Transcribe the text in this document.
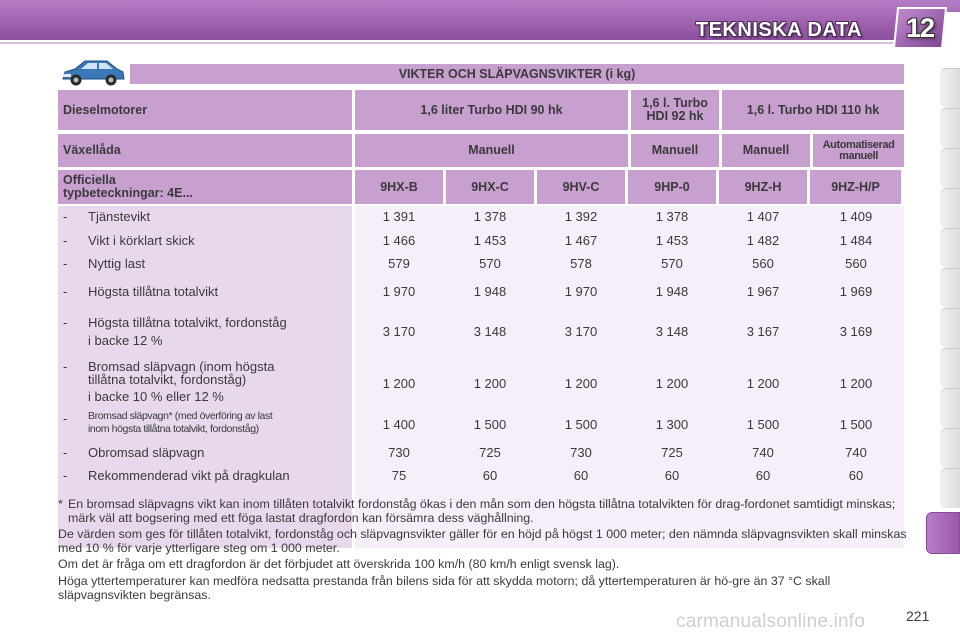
TEKNISKA DATA 12
VIKTER OCH SLÄPVAGNSVIKTER (i kg)
Dieselmotorer	1,6 liter Turbo HDI 90 hk	1,6 l. Turbo HDI 92 hk	1,6 l. Turbo HDI 110 hk
Växellåda	Manuell	Manuell	Manuell	Automatiserad manuell
Officiella typbeteckningar: 4E...	9HX-B	9HX-C	9HV-C	9HP-0	9HZ-H	9HZ-H/P
- Tjänstevikt	1 391	1 378	1 392	1 378	1 407	1 409
- Vikt i körklart skick	1 466	1 453	1 467	1 453	1 482	1 484
- Nyttig last	579	570	578	570	560	560
- Högsta tillåtna totalvikt	1 970	1 948	1 970	1 948	1 967	1 969
- Högsta tillåtna totalvikt, fordonståg
i backe 12 %
3 170	3 148	3 170	3 148	3 167	3 169
- Bromsad släpvagn (inom högsta
tillåtna totalvikt, fordonståg)
i backe 10 % eller 12 %
1 200	1 200	1 200	1 200	1 200	1 200
- Bromsad släpvagn* (med överföring av last
inom högsta tillåtna totalvikt, fordonståg)	1 400	1 500	1 500	1 300	1 500	1 500
- Obromsad släpvagn	730	725	730	725	740	740
- Rekommenderad vikt på dragkulan	75	60	60	60	60	60

* En bromsad släpvagns vikt kan inom tillåten totalvikt fordonståg ökas i den mån som den högsta tillåtna totalvikten för drag-fordonet samtidigt minskas; märk väl att bogsering med ett föga lastat dragfordon kan försämra dess väghållning.

De värden som ges för tillåten totalvikt, fordonståg och släpvagnsvikter gäller för en höjd på högst 1 000 meter; den nämnda släpvagnsvikten skall minskas med 10 % för varje ytterligare steg om 1 000 meter.

Om det är fråga om ett dragfordon är det förbjudet att överskrida 100 km/h (80 km/h enligt svensk lag).

Höga yttertemperaturer kan medföra nedsatta prestanda från bilens sida för att skydda motorn; då yttertemperaturen är hö-gre än 37 °C skall släpvagnsvikten begränsas.

carmanualsonline.info	221
